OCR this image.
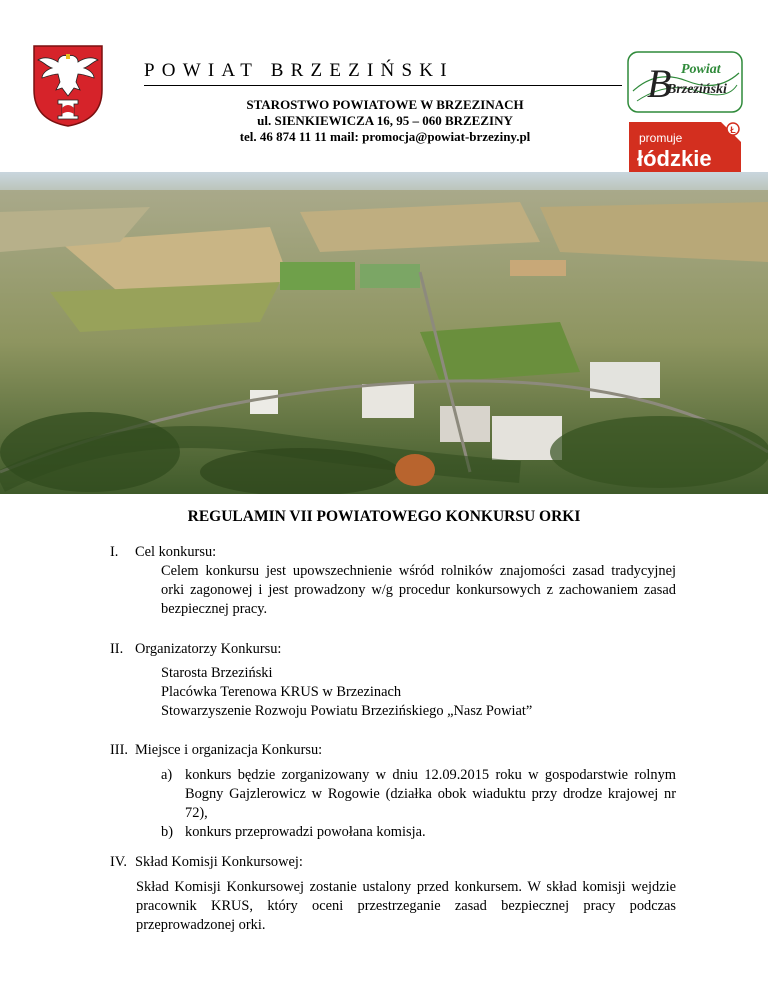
POWIAT BRZEZIŃSKI
STAROSTWO POWIATOWE W BRZEZINACH
ul. SIENKIEWICZA 16, 95 – 060 BRZEZINY
tel. 46 874 11 11 mail: promocja@powiat-brzeziny.pl
B Powiat
Brzeziński
Ł
promuje
łódzkie
REGULAMIN VII POWIATOWEGO KONKURSU ORKI
I. Cel konkursu:
Celem konkursu jest upowszechnienie wśród rolników znajomości zasad tradycyjnej orki zagonowej i jest prowadzony w/g procedur konkursowych z zachowaniem zasad bezpiecznej pracy.
II. Organizatorzy Konkursu:
Starosta Brzeziński
Placówka Terenowa KRUS w Brzezinach
Stowarzyszenie Rozwoju Powiatu Brzezińskiego „Nasz Powiat”
III. Miejsce i organizacja Konkursu:
a) konkurs będzie zorganizowany w dniu 12.09.2015 roku w gospodarstwie rolnym Bogny Gajzlerowicz w Rogowie (działka obok wiaduktu przy drodze krajowej nr 72),
b) konkurs przeprowadzi powołana komisja.
IV. Skład Komisji Konkursowej:
Skład Komisji Konkursowej zostanie ustalony przed konkursem. W skład komisji wejdzie pracownik KRUS, który oceni przestrzeganie zasad bezpiecznej pracy podczas przeprowadzonej orki.
